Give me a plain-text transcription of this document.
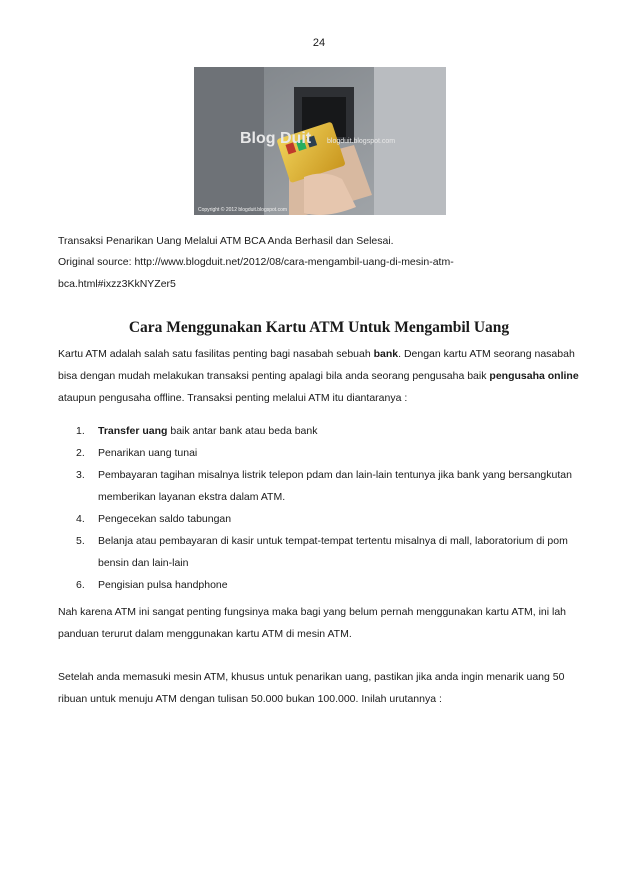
24
Blog Duit blogduit.blogspot.com
Copyright © 2012 blogduit.blogspot.com
Transaksi Penarikan Uang Melalui ATM BCA Anda Berhasil dan Selesai.
Original source: http://www.blogduit.net/2012/08/cara-mengambil-uang-di-mesin-atm-
bca.html#ixzz3KkNYZer5
Cara Menggunakan Kartu ATM Untuk Mengambil Uang
Kartu ATM adalah salah satu fasilitas penting bagi nasabah sebuah bank. Dengan kartu ATM seorang nasabah
bisa dengan mudah melakukan transaksi penting apalagi bila anda seorang pengusaha baik pengusaha online
ataupun pengusaha offline. Transaksi penting melalui ATM itu diantaranya :
1. Transfer uang baik antar bank atau beda bank
2. Penarikan uang tunai
3. Pembayaran tagihan misalnya listrik telepon pdam dan lain-lain tentunya jika bank yang bersangkutan
memberikan layanan ekstra dalam ATM.
4. Pengecekan saldo tabungan
5. Belanja atau pembayaran di kasir untuk tempat-tempat tertentu misalnya di mall, laboratorium di pom
bensin dan lain-lain
6. Pengisian pulsa handphone
Nah karena ATM ini sangat penting fungsinya maka bagi yang belum pernah menggunakan kartu ATM, ini lah
panduan terurut dalam menggunakan kartu ATM di mesin ATM.
Setelah anda memasuki mesin ATM, khusus untuk penarikan uang, pastikan jika anda ingin menarik uang 50
ribuan untuk menuju ATM dengan tulisan 50.000 bukan 100.000. Inilah urutannya :
